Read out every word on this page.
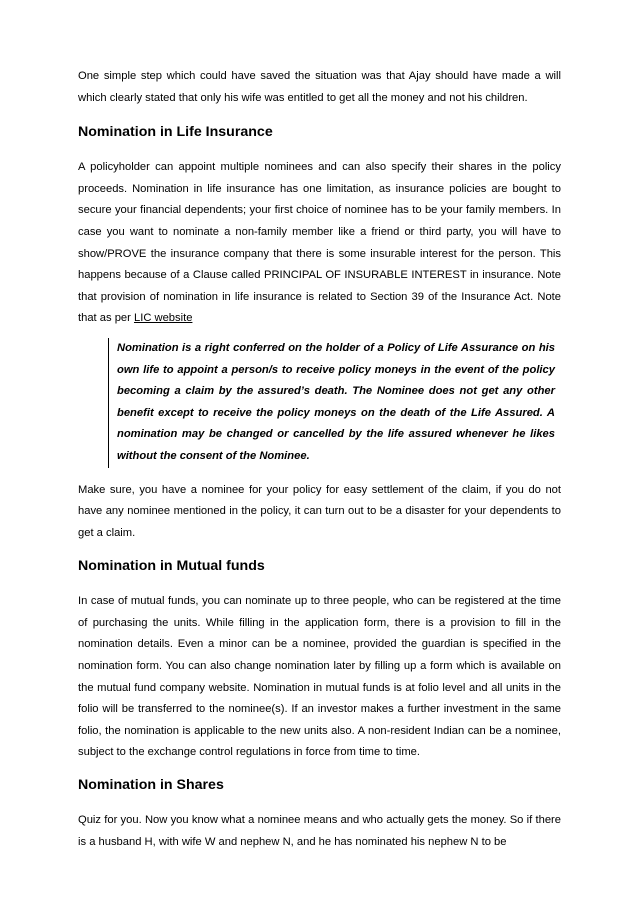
One simple step which could have saved the situation was that Ajay should have made a will which clearly stated that only his wife was entitled to get all the money and not his children.

Nomination in Life Insurance

A policyholder can appoint multiple nominees and can also specify their shares in the policy proceeds. Nomination in life insurance has one limitation, as insurance policies are bought to secure your financial dependents; your first choice of nominee has to be your family members. In case you want to nominate a non-family member like a friend or third party, you will have to show/PROVE the insurance company that there is some insurable interest for the person. This happens because of a Clause called PRINCIPAL OF INSURABLE INTEREST in insurance. Note that provision of nomination in life insurance is related to Section 39 of the Insurance Act. Note that as per LIC website

Nomination is a right conferred on the holder of a Policy of Life Assurance on his own life to appoint a person/s to receive policy moneys in the event of the policy becoming a claim by the assured’s death. The Nominee does not get any other benefit except to receive the policy moneys on the death of the Life Assured. A nomination may be changed or cancelled by the life assured whenever he likes without the consent of the Nominee.

Make sure, you have a nominee for your policy for easy settlement of the claim, if you do not have any nominee mentioned in the policy, it can turn out to be a disaster for your dependents to get a claim.

Nomination in Mutual funds

In case of mutual funds, you can nominate up to three people, who can be registered at the time of purchasing the units. While filling in the application form, there is a provision to fill in the nomination details. Even a minor can be a nominee, provided the guardian is specified in the nomination form. You can also change nomination later by filling up a form which is available on the mutual fund company website. Nomination in mutual funds is at folio level and all units in the folio will be transferred to the nominee(s). If an investor makes a further investment in the same folio, the nomination is applicable to the new units also. A non-resident Indian can be a nominee, subject to the exchange control regulations in force from time to time.

Nomination in Shares

Quiz for you. Now you know what a nominee means and who actually gets the money. So if there is a husband H, with wife W and nephew N, and he has nominated his nephew N to be
